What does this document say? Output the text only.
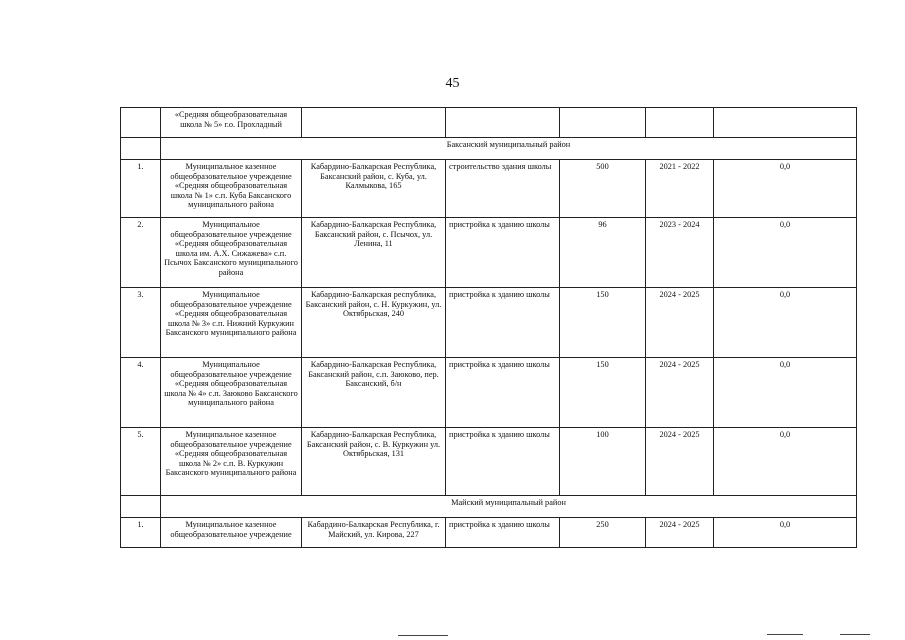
45
	«Средняя общеобразовательная школа № 5» г.о. Прохладный					
	Баксанский муниципальный район					
1.	Муниципальное казенное общеобразовательное учреждение «Средняя общеобразовательная школа № 1» с.п. Куба Баксанского муниципального района	Кабардино-Балкарская Республика, Баксанский район, с. Куба, ул. Калмыкова, 165	строительство здания школы	500	2021 - 2022	0,0
2.	Муниципальное общеобразовательное учреждение «Средняя общеобразовательная школа им. А.Х. Сижажева» с.п. Псычох Баксанского муниципального района	Кабардино-Балкарская Республика, Баксанский район, с. Псычох, ул. Ленина, 11	пристройка к зданию школы	96	2023 - 2024	0,0
3.	Муниципальное общеобразовательное учреждение «Средняя общеобразовательная школа № 3» с.п. Нижний Куркужин Баксанского муниципального района	Кабардино-Балкарская республика, Баксанский район, с. Н. Куркужин, ул. Октябрьская, 240	пристройка к зданию школы	150	2024 - 2025	0,0
4.	Муниципальное общеобразовательное учреждение «Средняя общеобразовательная школа № 4» с.п. Заюково Баксанского муниципального района	Кабардино-Балкарская Республика, Баксанский район, с.п. Заюково, пер. Баксанский, б/н	пристройка к зданию школы	150	2024 - 2025	0,0
5.	Муниципальное казенное общеобразовательное учреждение «Средняя общеобразовательная школа № 2» с.п. В. Куркужин Баксанского муниципального района	Кабардино-Балкарская Республика, Баксанский район, с. В. Куркужин ул. Октябрьская, 131	пристройка к зданию школы	100	2024 - 2025	0,0
	Майский муниципальный район					
1.	Муниципальное казенное общеобразовательное учреждение	Кабардино-Балкарская Республика, г. Майский, ул. Кирова, 227	пристройка к зданию школы	250	2024 - 2025	0,0
